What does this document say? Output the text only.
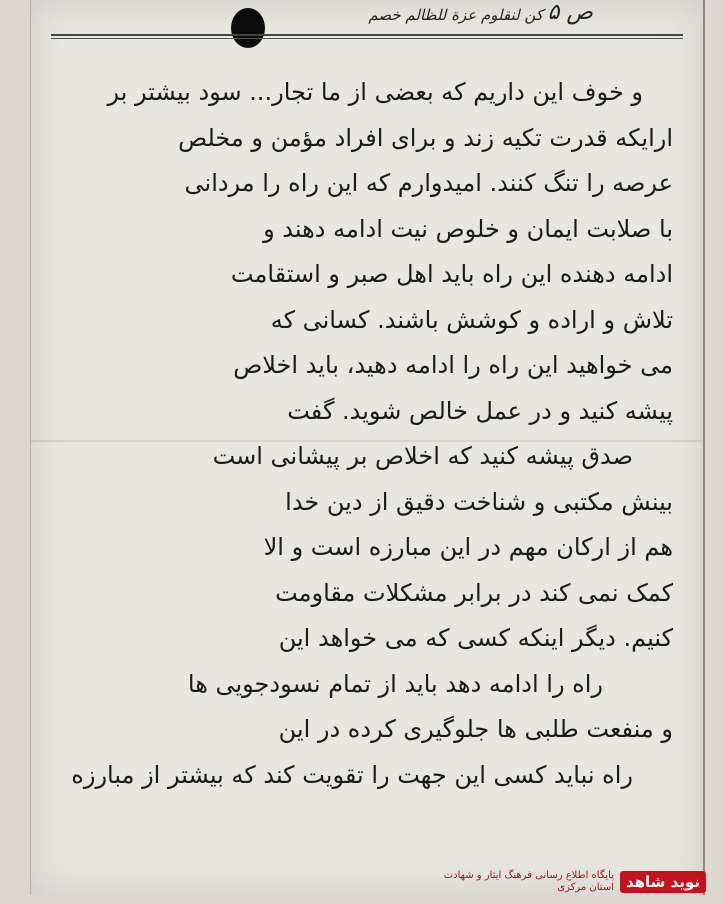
کن لنقلوم عزة للظالم خصم ص ۵
و خوف این داریم که بعضی از ما تجار... سود بیشتر بر
ارایکه قدرت تکیه زند و برای افراد مؤمن و مخلص
عرصه را تنگ کنند. امیدوارم که این راه را مردانی
با صلابت ایمان و خلوص نیت ادامه دهند و
ادامه دهنده این راه باید اهل صبر و استقامت
تلاش و اراده و کوشش باشند. کسانی که
می خواهید این راه را ادامه دهید، باید اخلاص
پیشه کنید و در عمل خالص شوید. گفت
صدق پیشه کنید که اخلاص بر پیشانی است
بینش مکتبی و شناخت دقیق از دین خدا
هم از ارکان مهم در این مبارزه است و الا
کمک نمی کند در برابر مشکلات مقاومت
کنیم. دیگر اینکه کسی که می خواهد این
راه را ادامه دهد باید از تمام نسودجویی ها
و منفعت طلبی ها جلوگیری کرده در این
راه نباید کسی این جهت را تقویت کند که بیشتر از مبارزه
نوید شاهد
پایگاه اطلاع رسانی فرهنگ ایثار و شهادت
استان مرکزی
